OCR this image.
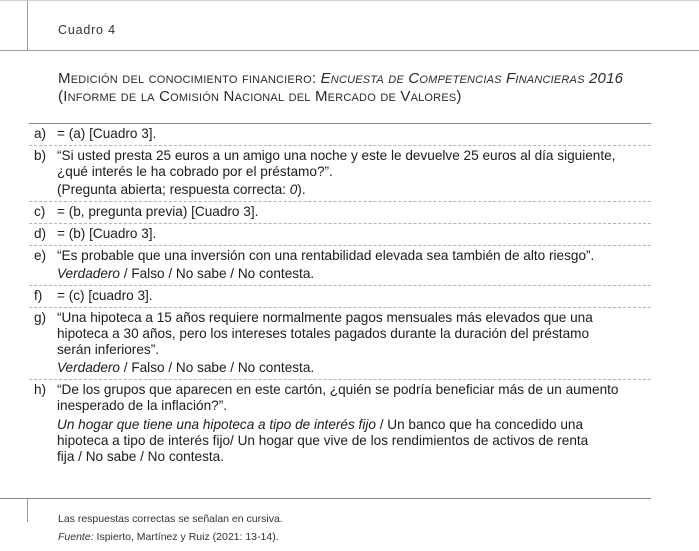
Cuadro 4
Medición del conocimiento financiero: Encuesta de Competencias Financieras 2016
(Informe de la Comisión Nacional del Mercado de Valores)
a) = (a) [Cuadro 3].
b) “Si usted presta 25 euros a un amigo una noche y este le devuelve 25 euros al día siguiente,
¿qué interés le ha cobrado por el préstamo?”.
(Pregunta abierta; respuesta correcta: 0).
c) = (b, pregunta previa) [Cuadro 3].
d) = (b) [Cuadro 3].
e) “Es probable que una inversión con una rentabilidad elevada sea también de alto riesgo”.
Verdadero / Falso / No sabe / No contesta.
f) = (c) [cuadro 3].
g) “Una hipoteca a 15 años requiere normalmente pagos mensuales más elevados que una
hipoteca a 30 años, pero los intereses totales pagados durante la duración del préstamo
serán inferiores”.
Verdadero / Falso / No sabe / No contesta.
h) “De los grupos que aparecen en este cartón, ¿quién se podría beneficiar más de un aumento
inesperado de la inflación?”.
Un hogar que tiene una hipoteca a tipo de interés fijo / Un banco que ha concedido una
hipoteca a tipo de interés fijo/ Un hogar que vive de los rendimientos de activos de renta
fija / No sabe / No contesta.
Las respuestas correctas se señalan en cursiva.
Fuente: Ispierto, Martínez y Ruiz (2021: 13-14).
